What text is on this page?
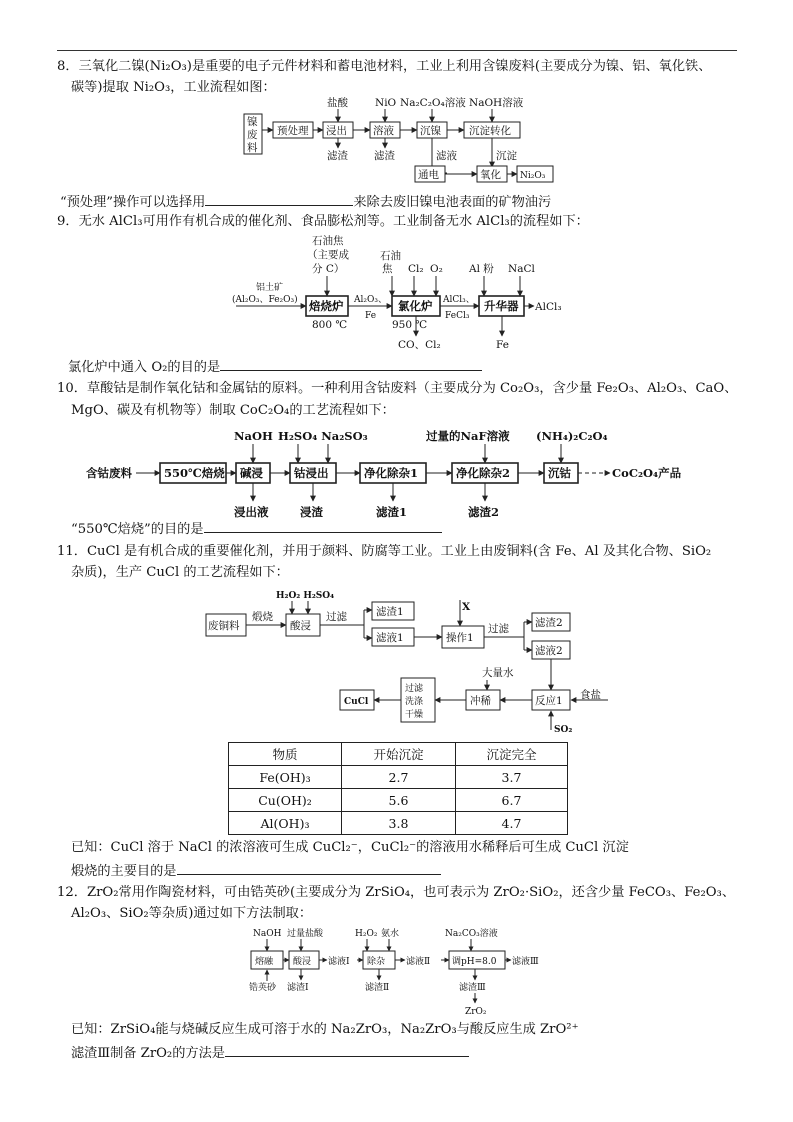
8．三氧化二镍(Ni₂O₃)是重要的电子元件材料和蓄电池材料，工业上利用含镍废料(主要成分为镍、铝、氧化铁、
碳等)提取 Ni₂O₃，工业流程如图：
镍
废
料
预处理 浸出 溶液 沉镍	沉淀转化
盐酸	NiO Na₂C₂O₄溶液 NaOH溶液
滤渣 滤渣	滤液	沉淀
通电	氧化 Ni₂O₃
“预处理”操作可以选择用	来除去废旧镍电池表面的矿物油污
9．无水 AlCl₃可用作有机合成的催化剂、食品膨松剂等。工业制备无水 AlCl₃的流程如下：
石油焦
（主要成
分 C）
铝土矿
(Al₂O₃、Fe₂O₃) 焙烧炉
800 ℃
Al₂O₃、
Fe
石油
焦 Cl₂ O₂
氯化炉
950 ℃
CO、Cl₂
AlCl₃、
FeCl₃
Al 粉 NaCl
升华器 AlCl₃
Fe
氯化炉中通入 O₂的目的是
10．草酸钴是制作氧化钴和金属钴的原料。一种利用含钴废料（主要成分为 Co₂O₃，含少量 Fe₂O₃、Al₂O₃、CaO、
MgO、碳及有机物等）制取 CoC₂O₄的工艺流程如下：
含钴废料	550℃焙烧 碱浸	钴浸出	净化除杂1	净化除杂2	沉钴	CoC₂O₄产品
NaOH H₂SO₄ Na₂SO₃	过量的NaF溶液 (NH₄)₂C₂O₄
浸出液	浸渣	滤渣1	滤渣2
“550℃焙烧”的目的是
11．CuCl 是有机合成的重要催化剂，并用于颜料、防腐等工业。工业上由废铜料(含 Fe、Al 及其化合物、SiO₂
杂质)，生产 CuCl 的工艺流程如下：
废铜料
煅烧
H₂O₂ H₂SO₄
酸浸
过滤	滤渣1
滤液1
X
操作1
过滤 滤渣2
滤液2
食盐
反应1
SO₂
大量水
冲稀
过滤
洗涤
干燥
CuCl
物质	开始沉淀	沉淀完全
Fe(OH)₃	2.7	3.7
Cu(OH)₂	5.6	6.7
Al(OH)₃	3.8	4.7
已知：CuCl 溶于 NaCl 的浓溶液可生成 CuCl₂⁻，CuCl₂⁻的溶液用水稀释后可生成 CuCl 沉淀
煅烧的主要目的是
12．ZrO₂常用作陶瓷材料，可由锆英砂(主要成分为 ZrSiO₄，也可表示为 ZrO₂·SiO₂，还含少量 FeCO₃、Fe₂O₃、
Al₂O₃、SiO₂等杂质)通过如下方法制取：
NaOH 过量盐酸	H₂O₂ 氨水	Na₂CO₃溶液
熔融 酸浸 滤液Ⅰ 除杂 滤液Ⅱ 调pH=8.0 滤液Ⅲ
锆英砂 滤渣Ⅰ	滤渣Ⅱ	滤渣Ⅲ
ZrO₂
已知：ZrSiO₄能与烧碱反应生成可溶于水的 Na₂ZrO₃，Na₂ZrO₃与酸反应生成 ZrO²⁺
滤渣Ⅲ制备 ZrO₂的方法是
